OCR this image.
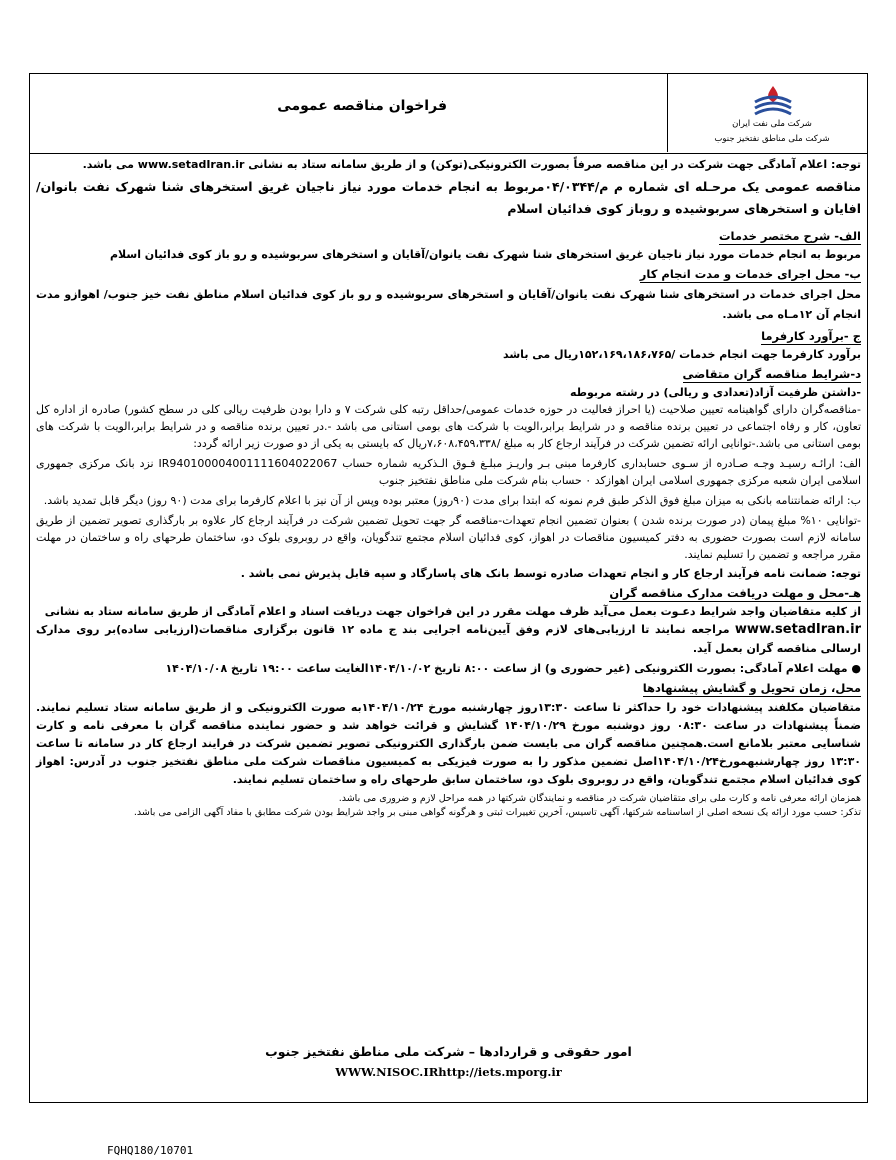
شرکت ملی نفت ایران
شرکت ملی مناطق نفتخیز جنوب
فراخوان مناقصه عمومی

توجه: اعلام آمادگی جهت شرکت در این مناقصه صرفاً بصورت الکترونیکی(توکن) و از طریق سامانه ستاد به نشانی www.setadIran.ir می باشد.

مناقصه عمومی یک مرحـله ای شماره م م/۰۴/۰۳۴۴مربوط به انجام خدمات مورد نیاز ناجیان غریق استخرهای شنا شهرک نفت بانوان/ افایان و استخرهای سربوشیده و روباز کوی فدائیان اسلام

الف- شرح مختصر خدمات

مربوط به انجام خدمات مورد نیاز ناجیان غریق استخرهای شنا شهرک نفت یانوان/آقایان و استخرهای سربوشیده و رو باز کوی فدائیان اسلام

ب- محل اجرای خدمات و مدت انجام کار

محل اجرای خدمات در استخرهای شنا شهرک نفت یانوان/آقایان و استخرهای سربوشیده و رو باز کوی فدائیان اسلام مناطق نفت خیز جنوب/ اهوازو مدت انجام آن ۱۲مـاه می باشد.

ج -برآورد کارفرما

برآورد کارفرما جهت انجام خدمات /۱۵۲،۱۶۹،۱۸۶،۷۶۵ریال می باشد

د-شرایط مناقصه گران متقاضی

-داشتن ظرفیت آزاد(تعدادی و ریالی) در رشته مربوطه

-مناقصه‌گران دارای گواهینامه تعیین صلاحیت (یا احراز فعالیت در حوزه خدمات عمومی/حداقل رتبه کلی شرکت ۷ و دارا بودن ظرفیت ریالی کلی در سطح کشور) صادره از اداره کل تعاون، کار و رفاه اجتماعی در تعیین برنده مناقصه و در شرایط برابر،الویت با شرکت های بومی استانی می باشد -.در تعیین برنده مناقصه و در شرایط برابر،الویت با شرکت های بومی استانی می باشد.-توانایی ارائه تضمین شرکت در فرآیند ارجاع کار به مبلغ /۷،۶۰۸،۴۵۹،۳۳۸ریال که بایستی به یکی از دو صورت زیر ارائه گردد:

الف: ارائـه رسیـد وجـه صـادره از سـوی حسابداری کارفرما مبنی بـر واریـز مبلـغ فـوق الـذکریه شماره حساب IR940100004001111604022067 نزد بانک مرکزی جمهوری اسلامی ایران شعبه مرکزی جمهوری اسلامی ایران اهوازکد ۰ حساب بنام شرکت ملی مناطق نفتخیز جنوب

ب: ارائه ضمانتنامه بانکی به میزان مبلغ فوق الذکر طبق فرم نمونه که ابتدا برای مدت (۹۰روز) معتبر بوده وپس از آن نیز با اعلام کارفرما برای مدت (۹۰ روز) دیگر قابل تمدید باشد.

-توانایی ۱۰% مبلغ پیمان (در صورت برنده شدن ) بعنوان تضمین انجام تعهدات-مناقصه گر جهت تحویل تضمین شرکت در فرآیند ارجاع کار علاوه بر بارگذاری تصویر تضمین از طریق سامانه لازم است بصورت حضوری به دفتر کمیسیون مناقصات در اهواز، کوی فدائیان اسلام مجتمع تندگویان، واقع در روبروی بلوک دو، ساختمان طرحهای راه و ساختمان در مهلت مقرر مراجعه و تضمین را تسلیم نمایند.

توجه: ضمانت نامه فرآیند ارجاع کار و انجام تعهدات صادره توسط بانک های پاسارگاد و سپه قابل پذیرش نمی باشد .

هـ-محل و مهلت دریافت مدارک مناقصه گران

از کلیه متقاضیان واجد شرایط دعـوت بعمل می‌آید ظرف مهلت مقرر در این فراخوان جهت دریافت اسناد و اعلام آمادگی از طریق سامانه ستاد به نشانی

www.setadIran.ir مراجعه نمایند تا ارزیابی‌های لازم وفق آیین‌نامه اجرایی بند ج ماده ۱۲ قانون برگزاری مناقصات(ارزیابی ساده)بر روی مدارک ارسالی مناقصه گران بعمل آید.

● مهلت اعلام آمادگی: بصورت الکترونیکی (غیر حضوری و) از ساعت ۸:۰۰ تاریخ ۱۴۰۴/۱۰/۰۲الغایت ساعت ۱۹:۰۰ تاریخ ۱۴۰۴/۱۰/۰۸

محل، زمان تحویل و گشایش پیشنهادها

متقاضیان مکلفند پیشنهادات خود را حداکثر تا ساعت ۱۳:۳۰روز چهارشنبه مورخ ۱۴۰۴/۱۰/۲۴به صورت الکترونیکی و از طریق سامانه ستاد تسلیم نمایند. ضمناً پیشنهادات در ساعت ۰۸:۳۰ روز دوشنبه مورخ ۱۴۰۴/۱۰/۲۹ گشایش و قرائت خواهد شد و حضور نماینده مناقصه گران با معرفی نامه و کارت شناسایی معتبر بلامانع است.همچنین مناقصه گران می بایست ضمن بارگذاری الکترونیکی تصویر تضمین شرکت در فرایند ارجاع کار در سامانه تا ساعت ۱۳:۳۰ روز چهارشنبهمورخ۱۴۰۴/۱۰/۲۴اصل تضمین مذکور را به صورت فیزیکی به کمیسیون مناقصات شرکت ملی مناطق نفتخیز جنوب در آدرس: اهواز کوی فدائیان اسلام مجتمع تندگویان، واقع در روبروی بلوک دو، ساختمان سابق طرحهای راه و ساختمان تسلیم نمایند.

همزمان ارائه معرفی نامه و کارت ملی برای متقاضیان شرکت در مناقصه و نمایندگان شرکتها در همه مراحل لازم و ضروری می باشد.

تذکر: حسب مورد ارائه یک نسخه اصلی از اساسنامه شرکتها، آگهی تاسیس، آخرین تغییرات ثبتی و هرگونه گواهی مبنی بر واجد شرایط بودن شرکت مطابق با مفاد آگهی الزامی می باشد.

امور حقوقی و قراردادها – شرکت ملی مناطق نفتخیز جنوب
WWW.NISOC.IRhttp://iets.mporg.ir
FQHQ180/10701
